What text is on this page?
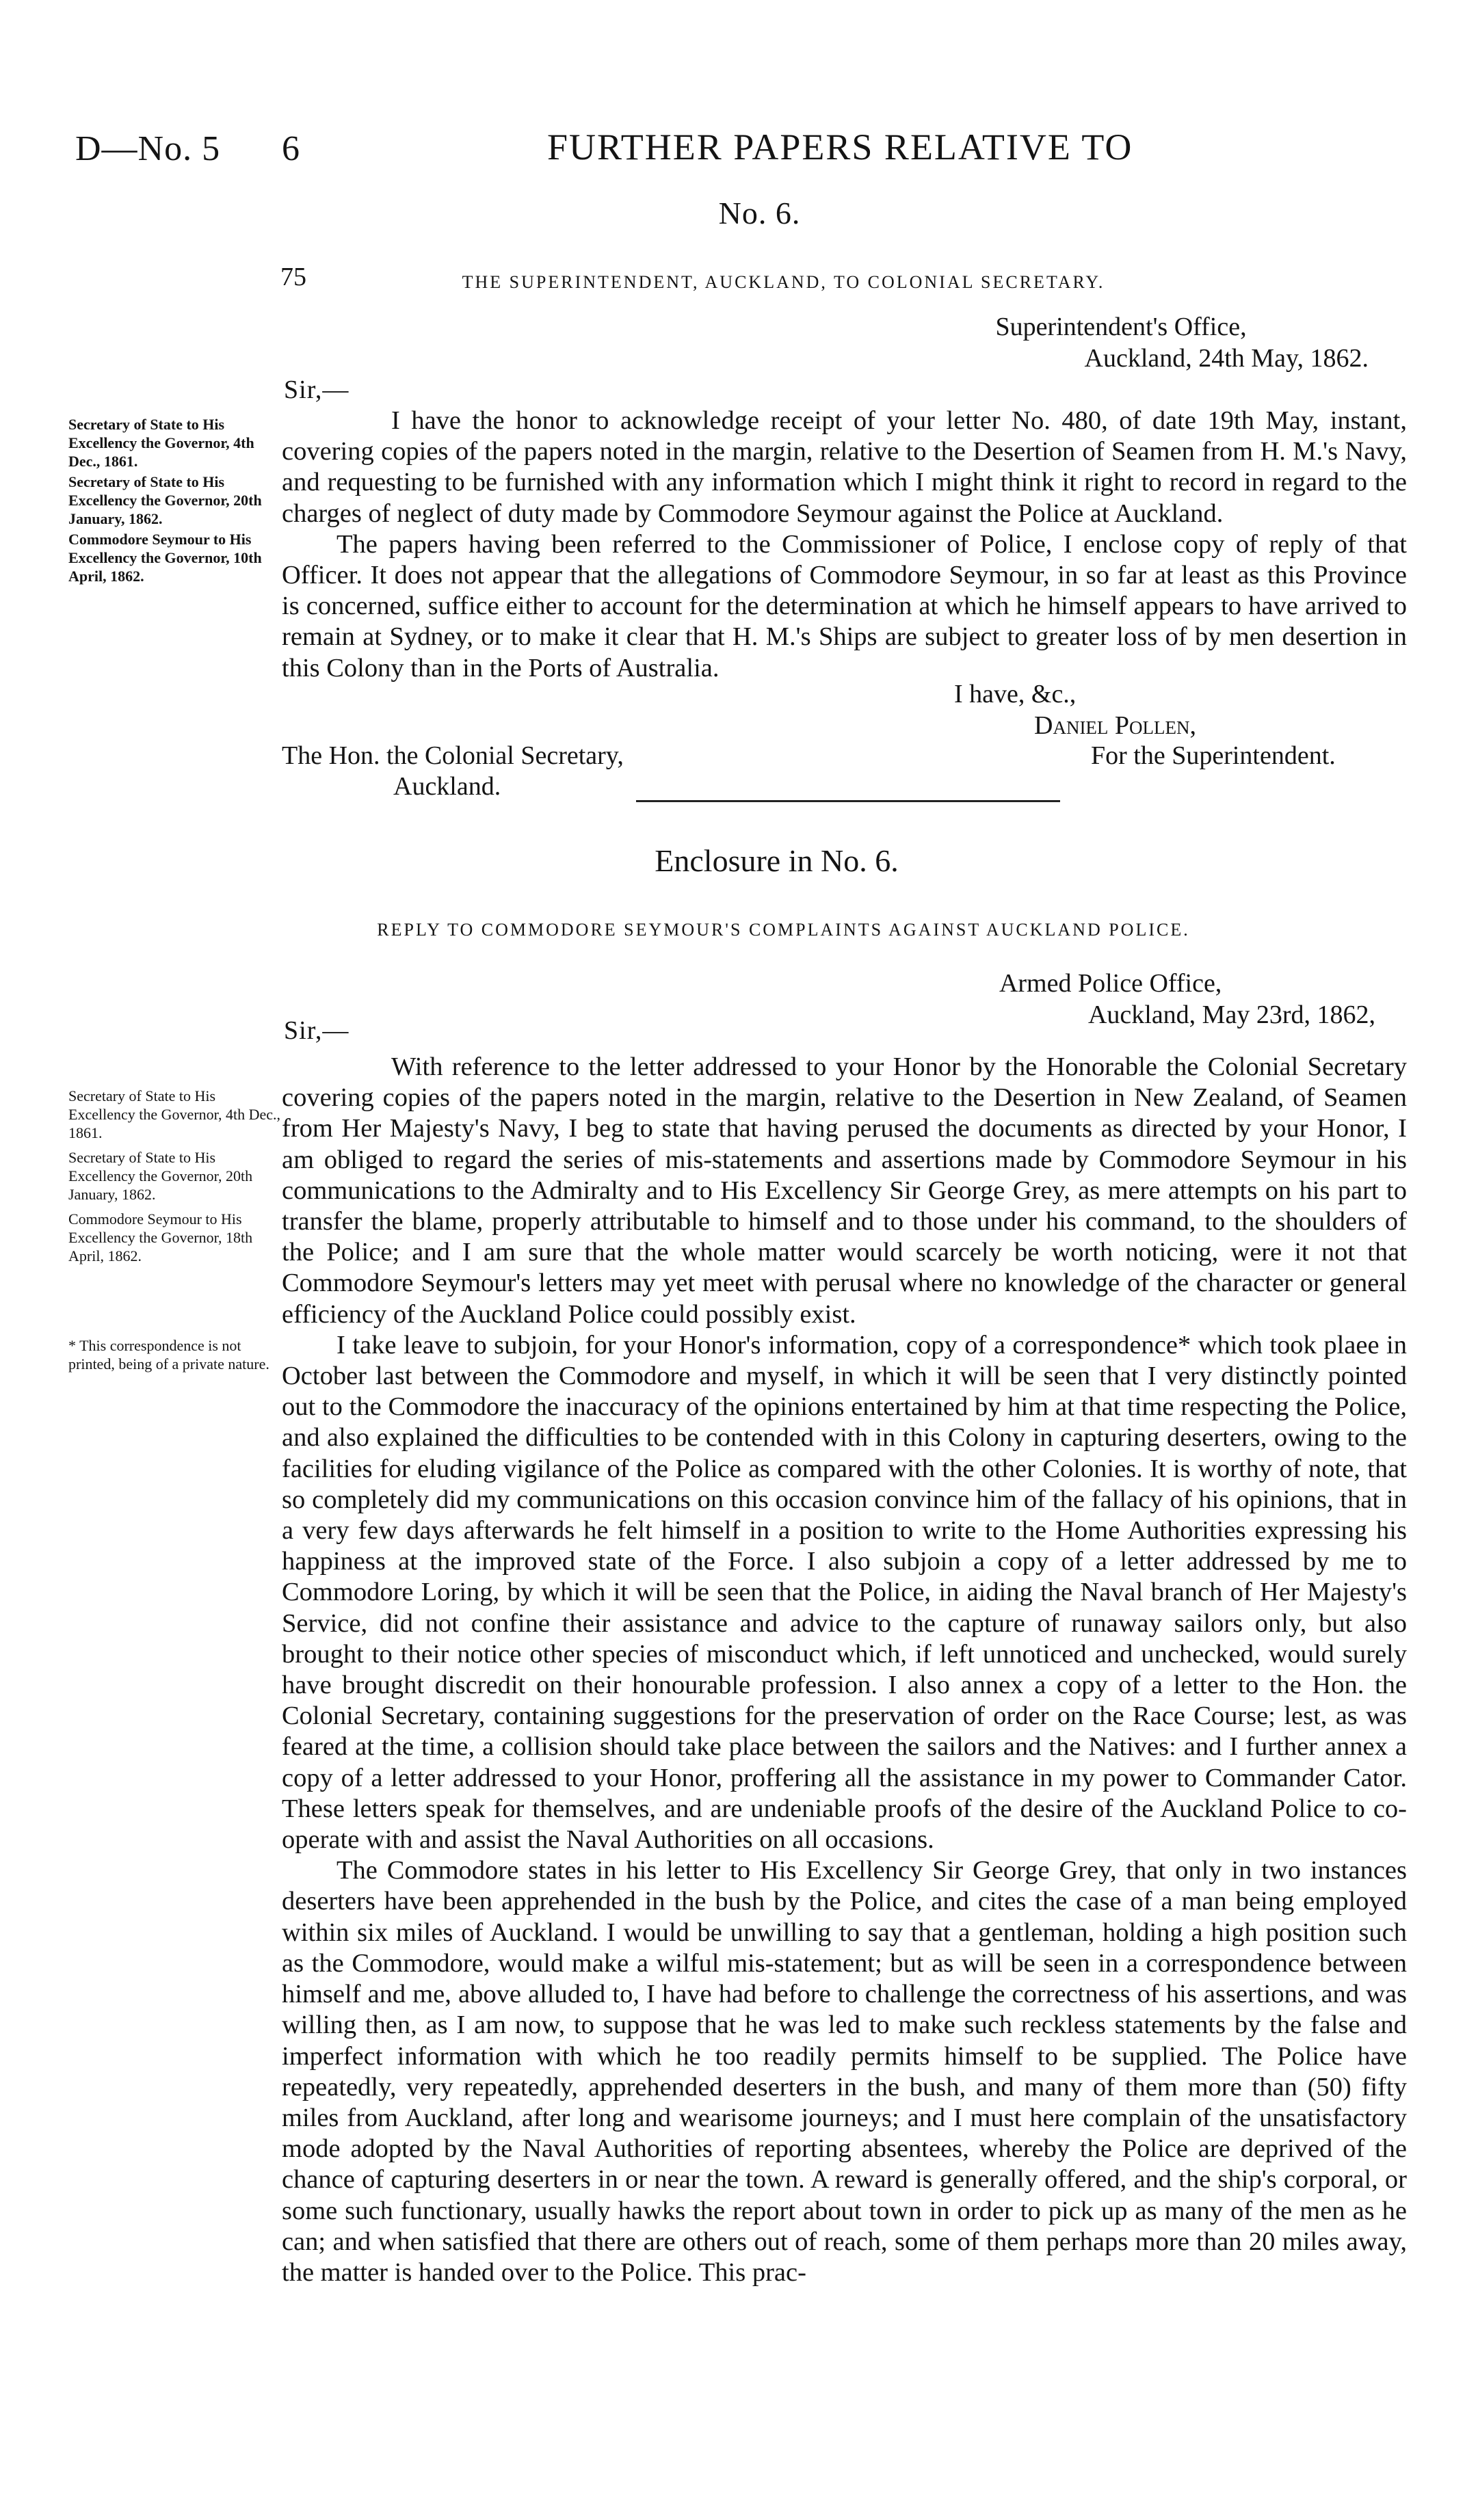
D—No. 5 6	FURTHER PAPERS RELATIVE TO
No. 6.
75	THE SUPERINTENDENT, AUCKLAND, TO COLONIAL SECRETARY.
Superintendent's Office,
Auckland, 24th May, 1862.
Sir,—
Secretary of State to His Excellency the Governor, 4th Dec., 1861.
Secretary of State to His Excellency the Governor, 20th January, 1862.
Commodore Seymour to His Excellency the Governor, 10th April, 1862.

I have the honor to acknowledge receipt of your letter No. 480, of date 19th May, instant, covering copies of the papers noted in the margin, relative to the Desertion of Seamen from H. M.'s Navy, and requesting to be furnished with any information which I might think it right to record in regard to the charges of neglect of duty made by Commodore Seymour against the Police at Auckland.

The papers having been referred to the Commissioner of Police, I enclose copy of reply of that Officer. It does not appear that the allegations of Commodore Seymour, in so far at least as this Province is concerned, suffice either to account for the determination at which he himself appears to have arrived to remain at Sydney, or to make it clear that H. M.'s Ships are subject to greater loss of by men desertion in this Colony than in the Ports of Australia.

I have, &c.,
Daniel Pollen,
The Hon. the Colonial Secretary,	For the Superintendent.
Auckland.
Enclosure in No. 6.
REPLY TO COMMODORE SEYMOUR'S COMPLAINTS AGAINST AUCKLAND POLICE.
Armed Police Office,
Auckland, May 23rd, 1862,
Sir,—
Secretary of State to His Excellency the Governor, 4th Dec., 1861.
Secretary of State to His Excellency the Governor, 20th January, 1862.
Commodore Seymour to His Excellency the Governor, 18th April, 1862.
* This correspondence is not printed, being of a private nature.

With reference to the letter addressed to your Honor by the Honorable the Colonial Secretary covering copies of the papers noted in the margin, relative to the Desertion in New Zealand, of Seamen from Her Majesty's Navy, I beg to state that having perused the documents as directed by your Honor, I am obliged to regard the series of mis-statements and assertions made by Commodore Seymour in his communications to the Admiralty and to His Excellency Sir George Grey, as mere attempts on his part to transfer the blame, properly attributable to himself and to those under his command, to the shoulders of the Police; and I am sure that the whole matter would scarcely be worth noticing, were it not that Commodore Seymour's letters may yet meet with perusal where no knowledge of the character or general efficiency of the Auckland Police could possibly exist.

I take leave to subjoin, for your Honor's information, copy of a correspondence* which took plaee in October last between the Commodore and myself, in which it will be seen that I very distinctly pointed out to the Commodore the inaccuracy of the opinions entertained by him at that time respecting the Police, and also explained the difficulties to be contended with in this Colony in capturing deserters, owing to the facilities for eluding vigilance of the Police as compared with the other Colonies. It is worthy of note, that so completely did my communications on this occasion convince him of the fallacy of his opinions, that in a very few days afterwards he felt himself in a position to write to the Home Authorities expressing his happiness at the improved state of the Force. I also subjoin a copy of a letter addressed by me to Commodore Loring, by which it will be seen that the Police, in aiding the Naval branch of Her Majesty's Service, did not confine their assistance and advice to the capture of runaway sailors only, but also brought to their notice other species of misconduct which, if left unnoticed and unchecked, would surely have brought discredit on their honourable profession. I also annex a copy of a letter to the Hon. the Colonial Secretary, containing suggestions for the preservation of order on the Race Course; lest, as was feared at the time, a collision should take place between the sailors and the Natives: and I further annex a copy of a letter addressed to your Honor, proffering all the assistance in my power to Commander Cator. These letters speak for themselves, and are undeniable proofs of the desire of the Auckland Police to co-operate with and assist the Naval Authorities on all occasions.

The Commodore states in his letter to His Excellency Sir George Grey, that only in two instances deserters have been apprehended in the bush by the Police, and cites the case of a man being employed within six miles of Auckland. I would be unwilling to say that a gentleman, holding a high position such as the Commodore, would make a wilful mis-statement; but as will be seen in a correspondence between himself and me, above alluded to, I have had before to challenge the correctness of his assertions, and was willing then, as I am now, to suppose that he was led to make such reckless statements by the false and imperfect information with which he too readily permits himself to be supplied. The Police have repeatedly, very repeatedly, apprehended deserters in the bush, and many of them more than (50) fifty miles from Auckland, after long and wearisome journeys; and I must here complain of the unsatisfactory mode adopted by the Naval Authorities of reporting absentees, whereby the Police are deprived of the chance of capturing deserters in or near the town. A reward is generally offered, and the ship's corporal, or some such functionary, usually hawks the report about town in order to pick up as many of the men as he can; and when satisfied that there are others out of reach, some of them perhaps more than 20 miles away, the matter is handed over to the Police. This prac-
